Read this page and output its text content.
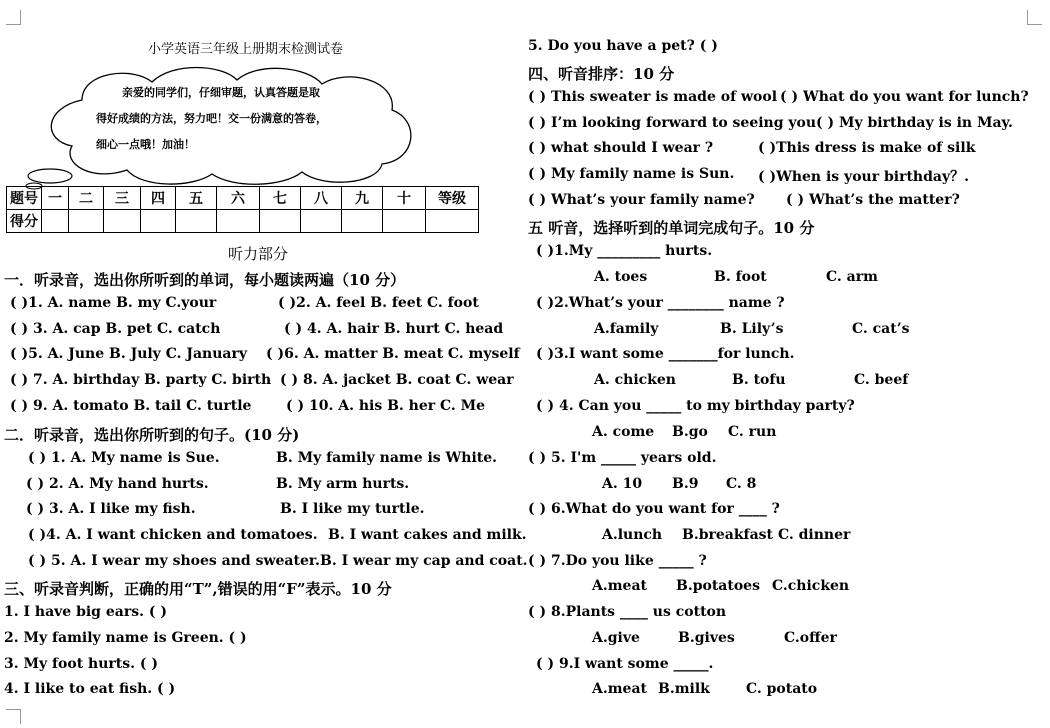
小学英语三年级上册期末检测试卷
亲爱的同学们，仔细审题，认真答题是取
得好成绩的方法，努力吧！交一份满意的答卷，
细心一点哦！加油！
题号	一	二	三	四	五	六	七	八	九	十	等级
得分											
听力部分
一．听录音，选出你所听到的单词，每小题读两遍（10 分）
( )1. A. name B. my C.your	( )2. A. feel B. feet C. foot
( ) 3. A. cap B. pet C. catch	( ) 4. A. hair B. hurt C. head
( )5. A. June B. July C. January ( )6. A. matter B. meat C. myself
( ) 7. A. birthday B. party C. birth ( ) 8. A. jacket B. coat C. wear
( ) 9. A. tomato B. tail C. turtle ( ) 10. A. his B. her C. Me
二．听录音，选出你所听到的句子。(10 分)
( ) 1. A. My name is Sue.	B. My family name is White.
( ) 2. A. My hand hurts.	B. My arm hurts.
( ) 3. A. I like my fish.	B. I like my turtle.
( )4. A. I want chicken and tomatoes. B. I want cakes and milk.
( ) 5. A. I wear my shoes and sweater. B. I wear my cap and coat.
三、听录音判断，正确的用“T”,错误的用“F”表示。10 分
1. I have big ears. ( )
2. My family name is Green. ( )
3. My foot hurts. ( )
4. I like to eat fish. ( )
5. Do you have a pet? ( )
四、听音排序：10 分
( ) This sweater is made of wool ( ) What do you want for lunch?
( ) I’m looking forward to seeing you ( ) My birthday is in May.
( ) what should I wear ?	( )This dress is make of silk
( ) My family name is Sun. ( )When is your birthday？.
( ) What’s your family name? ( ) What’s the matter?
五 听音，选择听到的单词完成句子。10 分
( )1.My _________ hurts.
A. toes	B. foot	C. arm
( )2.What’s your ________ name ?
A.family	B. Lily’s	C. cat’s
( )3.I want some _______for lunch.
A. chicken	B. tofu	C. beef
( ) 4. Can you _____ to my birthday party?
A. come B.go C. run
( ) 5. I'm _____ years old.
A. 10 B.9 C. 8
( ) 6.What do you want for ____ ?
A.lunch B.breakfast C. dinner
( ) 7.Do you like _____ ?
A.meat B.potatoes C.chicken
( ) 8.Plants ____ us cotton
A.give	B.gives	C.offer
( ) 9.I want some _____.
A.meat B.milk	C. potato
